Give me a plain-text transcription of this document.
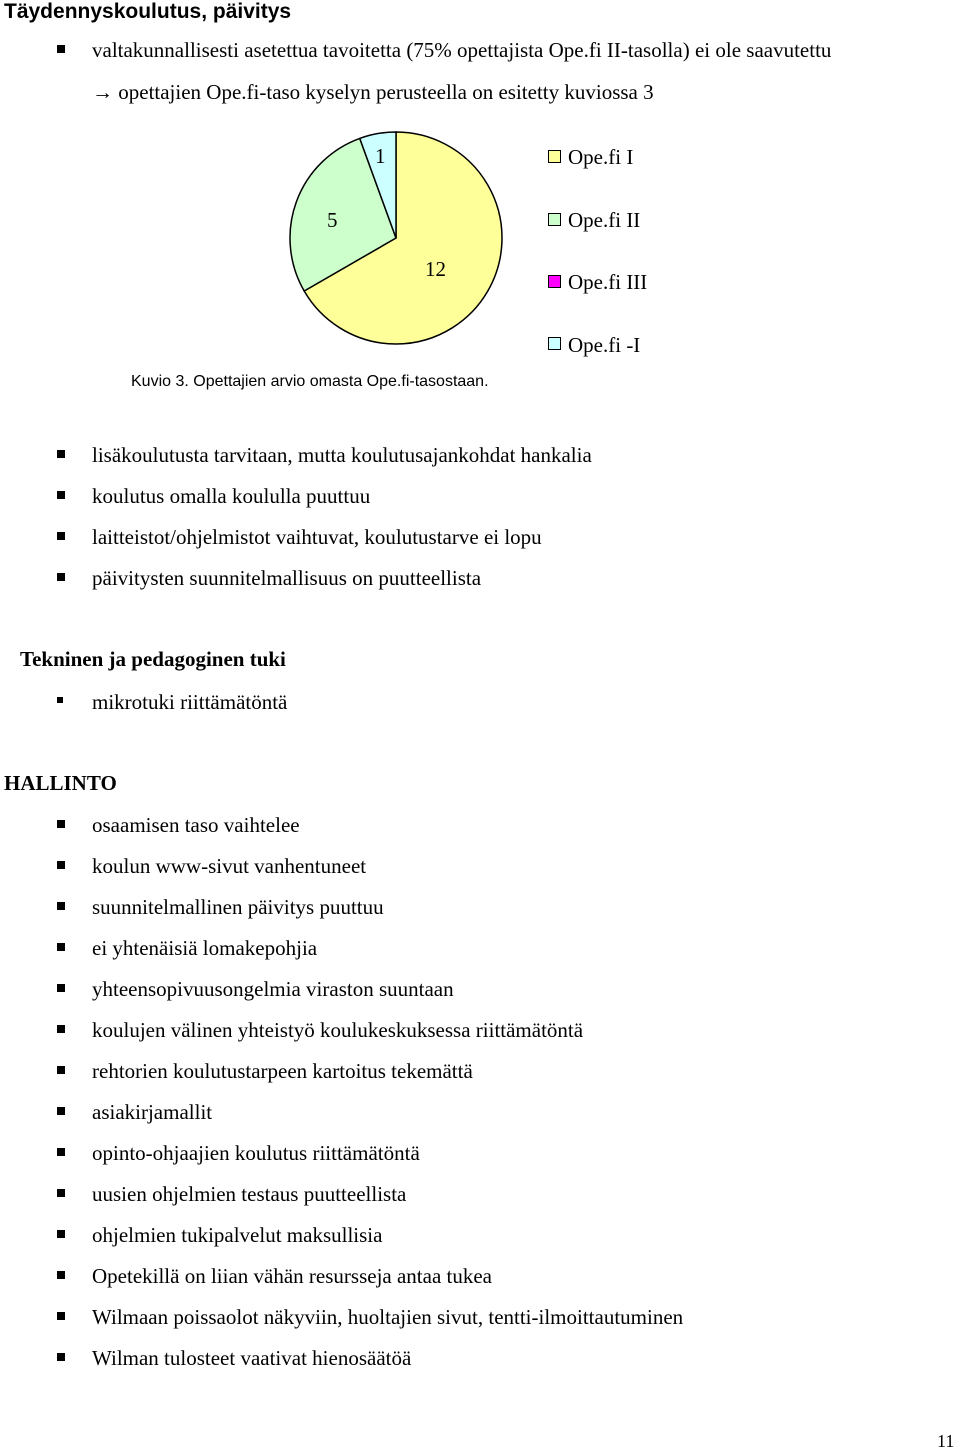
Täydennyskoulutus, päivitys
valtakunnallisesti asetettua tavoitetta (75% opettajista Ope.fi II-tasolla) ei ole saavutettu
→ opettajien Ope.fi-taso kyselyn perusteella on esitetty kuviossa 3
12
5
1	Ope.fi I
Ope.fi II
Ope.fi III
Ope.fi -I
Kuvio 3. Opettajien arvio omasta Ope.fi-tasostaan.
lisäkoulutusta tarvitaan, mutta koulutusajankohdat hankalia
koulutus omalla koululla puuttuu
laitteistot/ohjelmistot vaihtuvat, koulutustarve ei lopu
päivitysten suunnitelmallisuus on puutteellista
Tekninen ja pedagoginen tuki
mikrotuki riittämätöntä
HALLINTO
osaamisen taso vaihtelee
koulun www-sivut vanhentuneet
suunnitelmallinen päivitys puuttuu
ei yhtenäisiä lomakepohjia
yhteensopivuusongelmia viraston suuntaan
koulujen välinen yhteistyö koulukeskuksessa riittämätöntä
rehtorien koulutustarpeen kartoitus tekemättä
asiakirjamallit
opinto-ohjaajien koulutus riittämätöntä
uusien ohjelmien testaus puutteellista
ohjelmien tukipalvelut maksullisia
Opetekillä on liian vähän resursseja antaa tukea
Wilmaan poissaolot näkyviin, huoltajien sivut, tentti-ilmoittautuminen
Wilman tulosteet vaativat hienosäätöä
11
